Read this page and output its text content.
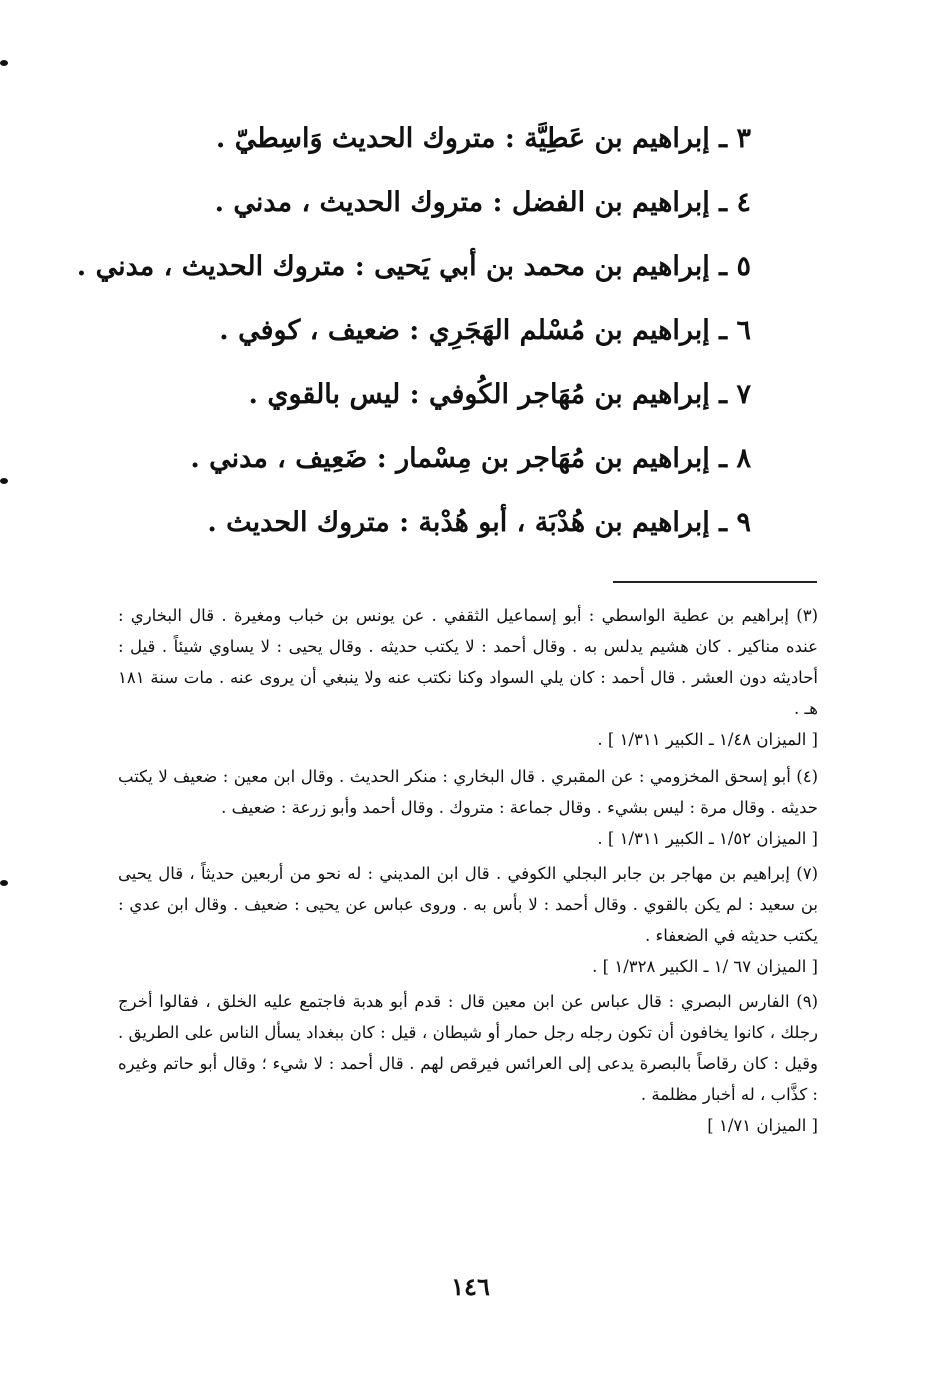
٣ ـ إبراهيم بن عَطِيَّة : متروك الحديث وَاسِطيّ .
٤ ـ إبراهيم بن الفضل : متروك الحديث ، مدني .
٥ ـ إبراهيم بن محمد بن أبي يَحيى : متروك الحديث ، مدني .
٦ ـ إبراهيم بن مُسْلم الهَجَرِي : ضعيف ، كوفي .
٧ ـ إبراهيم بن مُهَاجر الكُوفي : ليس بالقوي .
٨ ـ إبراهيم بن مُهَاجر بن مِسْمار : ضَعِيف ، مدني .
٩ ـ إبراهيم بن هُدْبَة ، أبو هُدْبة : متروك الحديث .

(٣) إبراهيم بن عطية الواسطي : أبو إسماعيل الثقفي . عن يونس بن خباب ومغيرة . قال البخاري : عنده مناكير . كان هشيم يدلس به . وقال أحمد : لا يكتب حديثه . وقال يحيى : لا يساوي شيئاً . قيل : أحاديثه دون العشر . قال أحمد : كان يلي السواد وكنا نكتب عنه ولا ينبغي أن يروى عنه . مات سنة ١٨١ هـ .

[ الميزان ١/٤٨ ـ الكبير ١/٣١١ ] .

(٤) أبو إسحق المخزومي : عن المقبري . قال البخاري : منكر الحديث . وقال ابن معين : ضعيف لا يكتب حديثه . وقال مرة : ليس بشيء . وقال جماعة : متروك . وقال أحمد وأبو زرعة : ضعيف .

[ الميزان ١/٥٢ ـ الكبير ١/٣١١ ] .

(٧) إبراهيم بن مهاجر بن جابر البجلي الكوفي . قال ابن المديني : له نحو من أربعين حديثاً ، قال يحيى بن سعيد : لم يكن بالقوي . وقال أحمد : لا بأس به . وروى عباس عن يحيى : ضعيف . وقال ابن عدي : يكتب حديثه في الضعفاء .

[ الميزان ٦٧ /١ ـ الكبير ١/٣٢٨ ] .

(٩) الفارس البصري : قال عباس عن ابن معين قال : قدم أبو هدبة فاجتمع عليه الخلق ، فقالوا أخرج رجلك ، كانوا يخافون أن تكون رجله رجل حمار أو شيطان ، قيل : كان ببغداد يسأل الناس على الطريق . وقيل : كان رقاصاً بالبصرة يدعى إلى العرائس فيرقص لهم . قال أحمد : لا شيء ؛ وقال أبو حاتم وغيره : كذَّاب ، له أخبار مظلمة .

[ الميزان ١/٧١ ]

١٤٦
